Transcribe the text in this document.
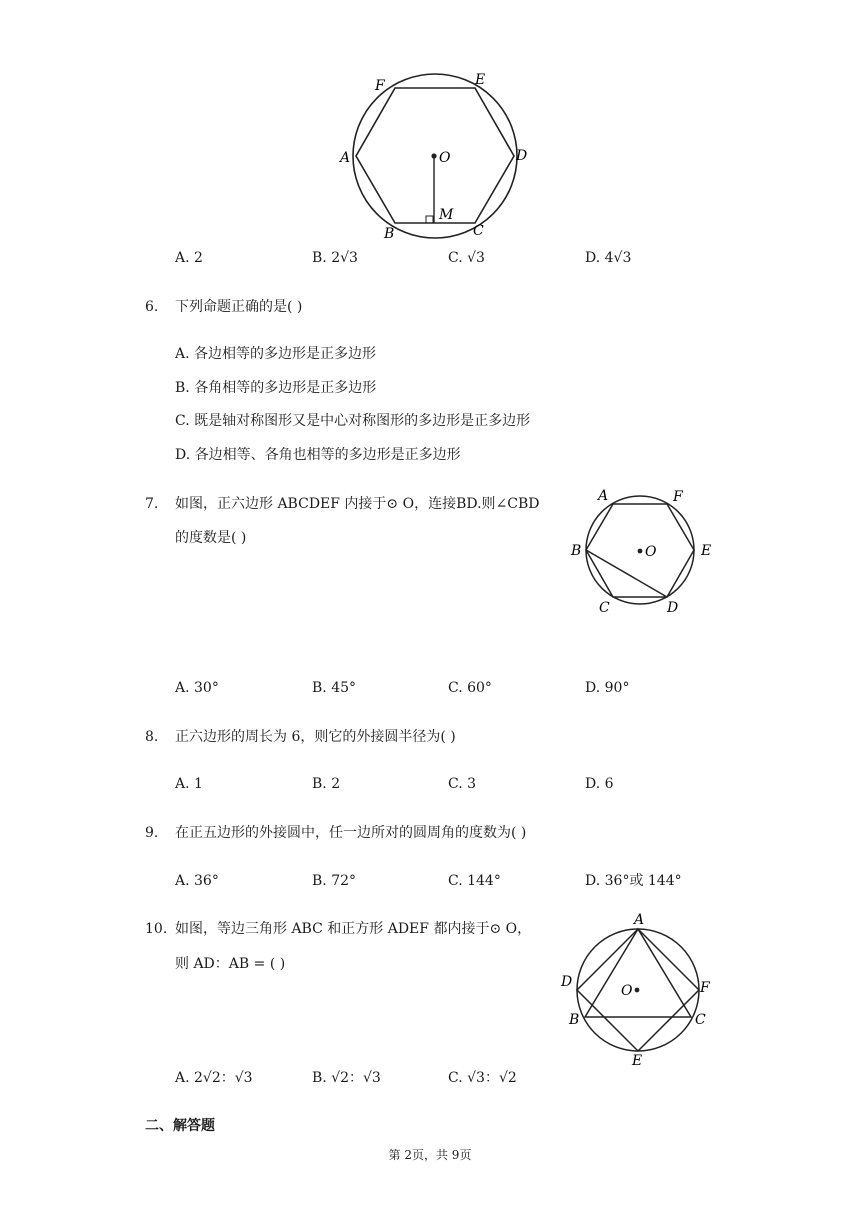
F	E
A	O	D
M
B	C
A. 2	B. 2√3	C. √3	D. 4√3
6. 下列命题正确的是( )
A. 各边相等的多边形是正多边形
B. 各角相等的多边形是正多边形
C. 既是轴对称图形又是中心对称图形的多边形是正多边形
D. 各边相等、各角也相等的多边形是正多边形
7. 如图，正六边形 ABCDEF 内接于⊙ O，连接BD.则∠CBD
的度数是( )
A	F
B	O	E
C	D
A. 30°	B. 45°	C. 60°	D. 90°
8. 正六边形的周长为 6，则它的外接圆半径为( )
A. 1	B. 2	C. 3	D. 6
9. 在正五边形的外接圆中，任一边所对的圆周角的度数为( )
A. 36°	B. 72°	C. 144°	D. 36°或 144°
10. 如图，等边三角形 ABC 和正方形 ADEF 都内接于⊙ O，
则 AD：AB = ( )
A
D
O	F
B	C
E
A. 2√2：√3	B. √2：√3	C. √3：√2
二、解答题
第 2页，共 9页
